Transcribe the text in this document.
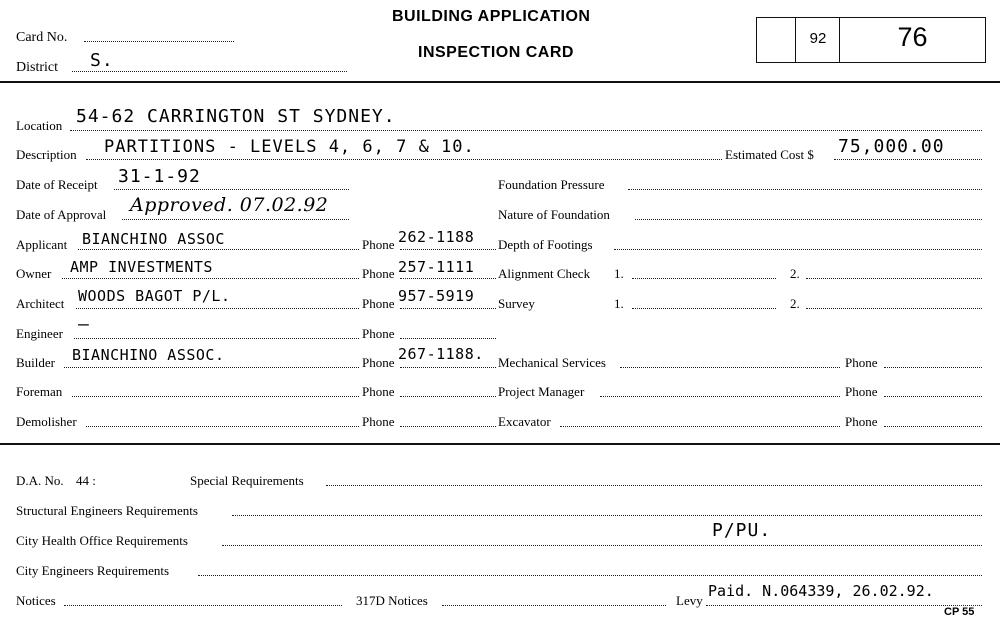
Card No.
District S.
BUILDING APPLICATION
INSPECTION CARD
92	76
Location 54-62 CARRINGTON ST SYDNEY.
Description PARTITIONS - LEVELS 4, 6, 7 & 10.	Estimated Cost $ 75,000.00
Date of Receipt 31-1-92	Foundation Pressure
Date of Approval Approved. 07.02.92	Nature of Foundation
Applicant BIANCHINO ASSOC	Phone 262-1188 Depth of Footings
Owner AMP INVESTMENTS	Phone 257-1111 Alignment Check 1.	2.
Architect WOODS BAGOT P/L.	Phone 957-5919 Survey	1.	2.
Engineer —	Phone
Builder BIANCHINO ASSOC.	Phone 267-1188. Mechanical Services	Phone
Foreman	Phone	Project Manager	Phone
Demolisher	Phone	Excavator	Phone
D.A. No. 44 :	Special Requirements
Structural Engineers Requirements
City Health Office Requirements	P/PU.
City Engineers Requirements
Notices	317D Notices	Levy
Paid. N.064339, 26.02.92.
CP 55
